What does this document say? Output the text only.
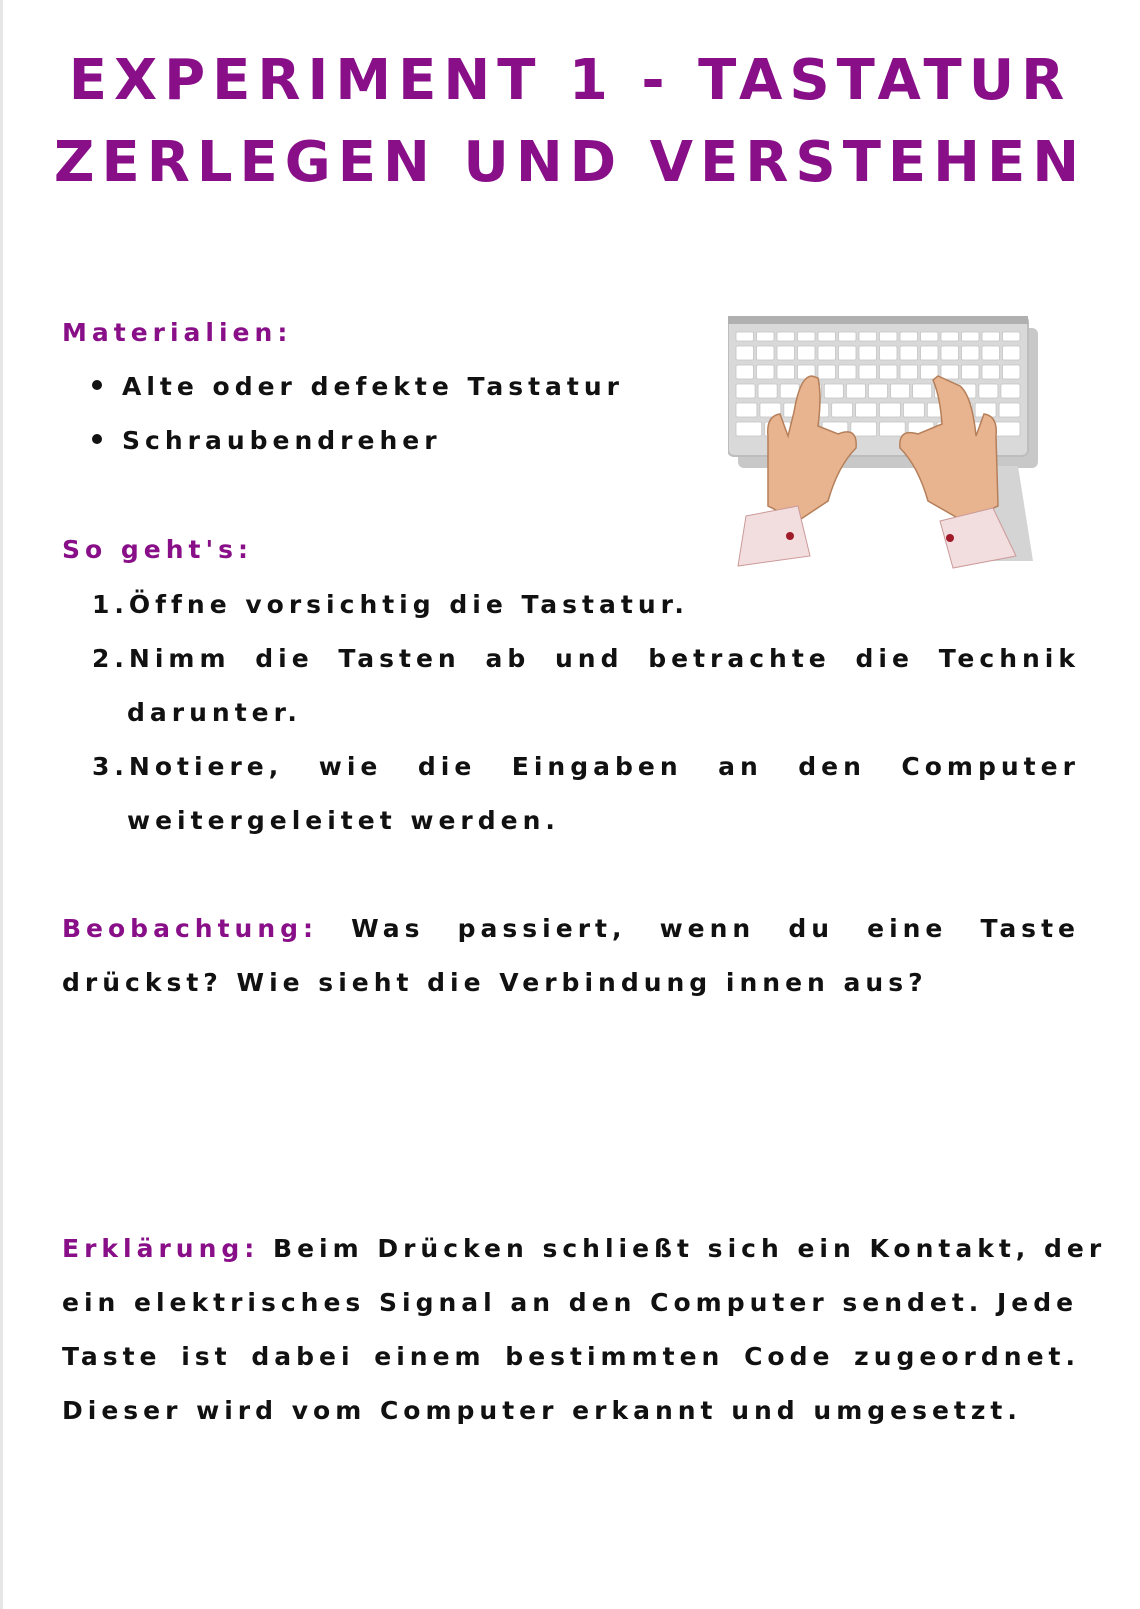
EXPERIMENT 1 - TASTATUR
ZERLEGEN UND VERSTEHEN
Materialien:
Alte oder defekte Tastatur
Schraubendreher
So geht's:
1.Öffne vorsichtig die Tastatur.
2.Nimm die Tasten ab und betrachte die Technik
darunter.
3.Notiere, wie die Eingaben an den Computer
weitergeleitet werden.
Beobachtung: Was passiert, wenn du eine Taste
drückst? Wie sieht die Verbindung innen aus?
Erklärung: Beim Drücken schließt sich ein Kontakt, der
ein elektrisches Signal an den Computer sendet. Jede
Taste ist dabei einem bestimmten Code zugeordnet.
Dieser wird vom Computer erkannt und umgesetzt.
